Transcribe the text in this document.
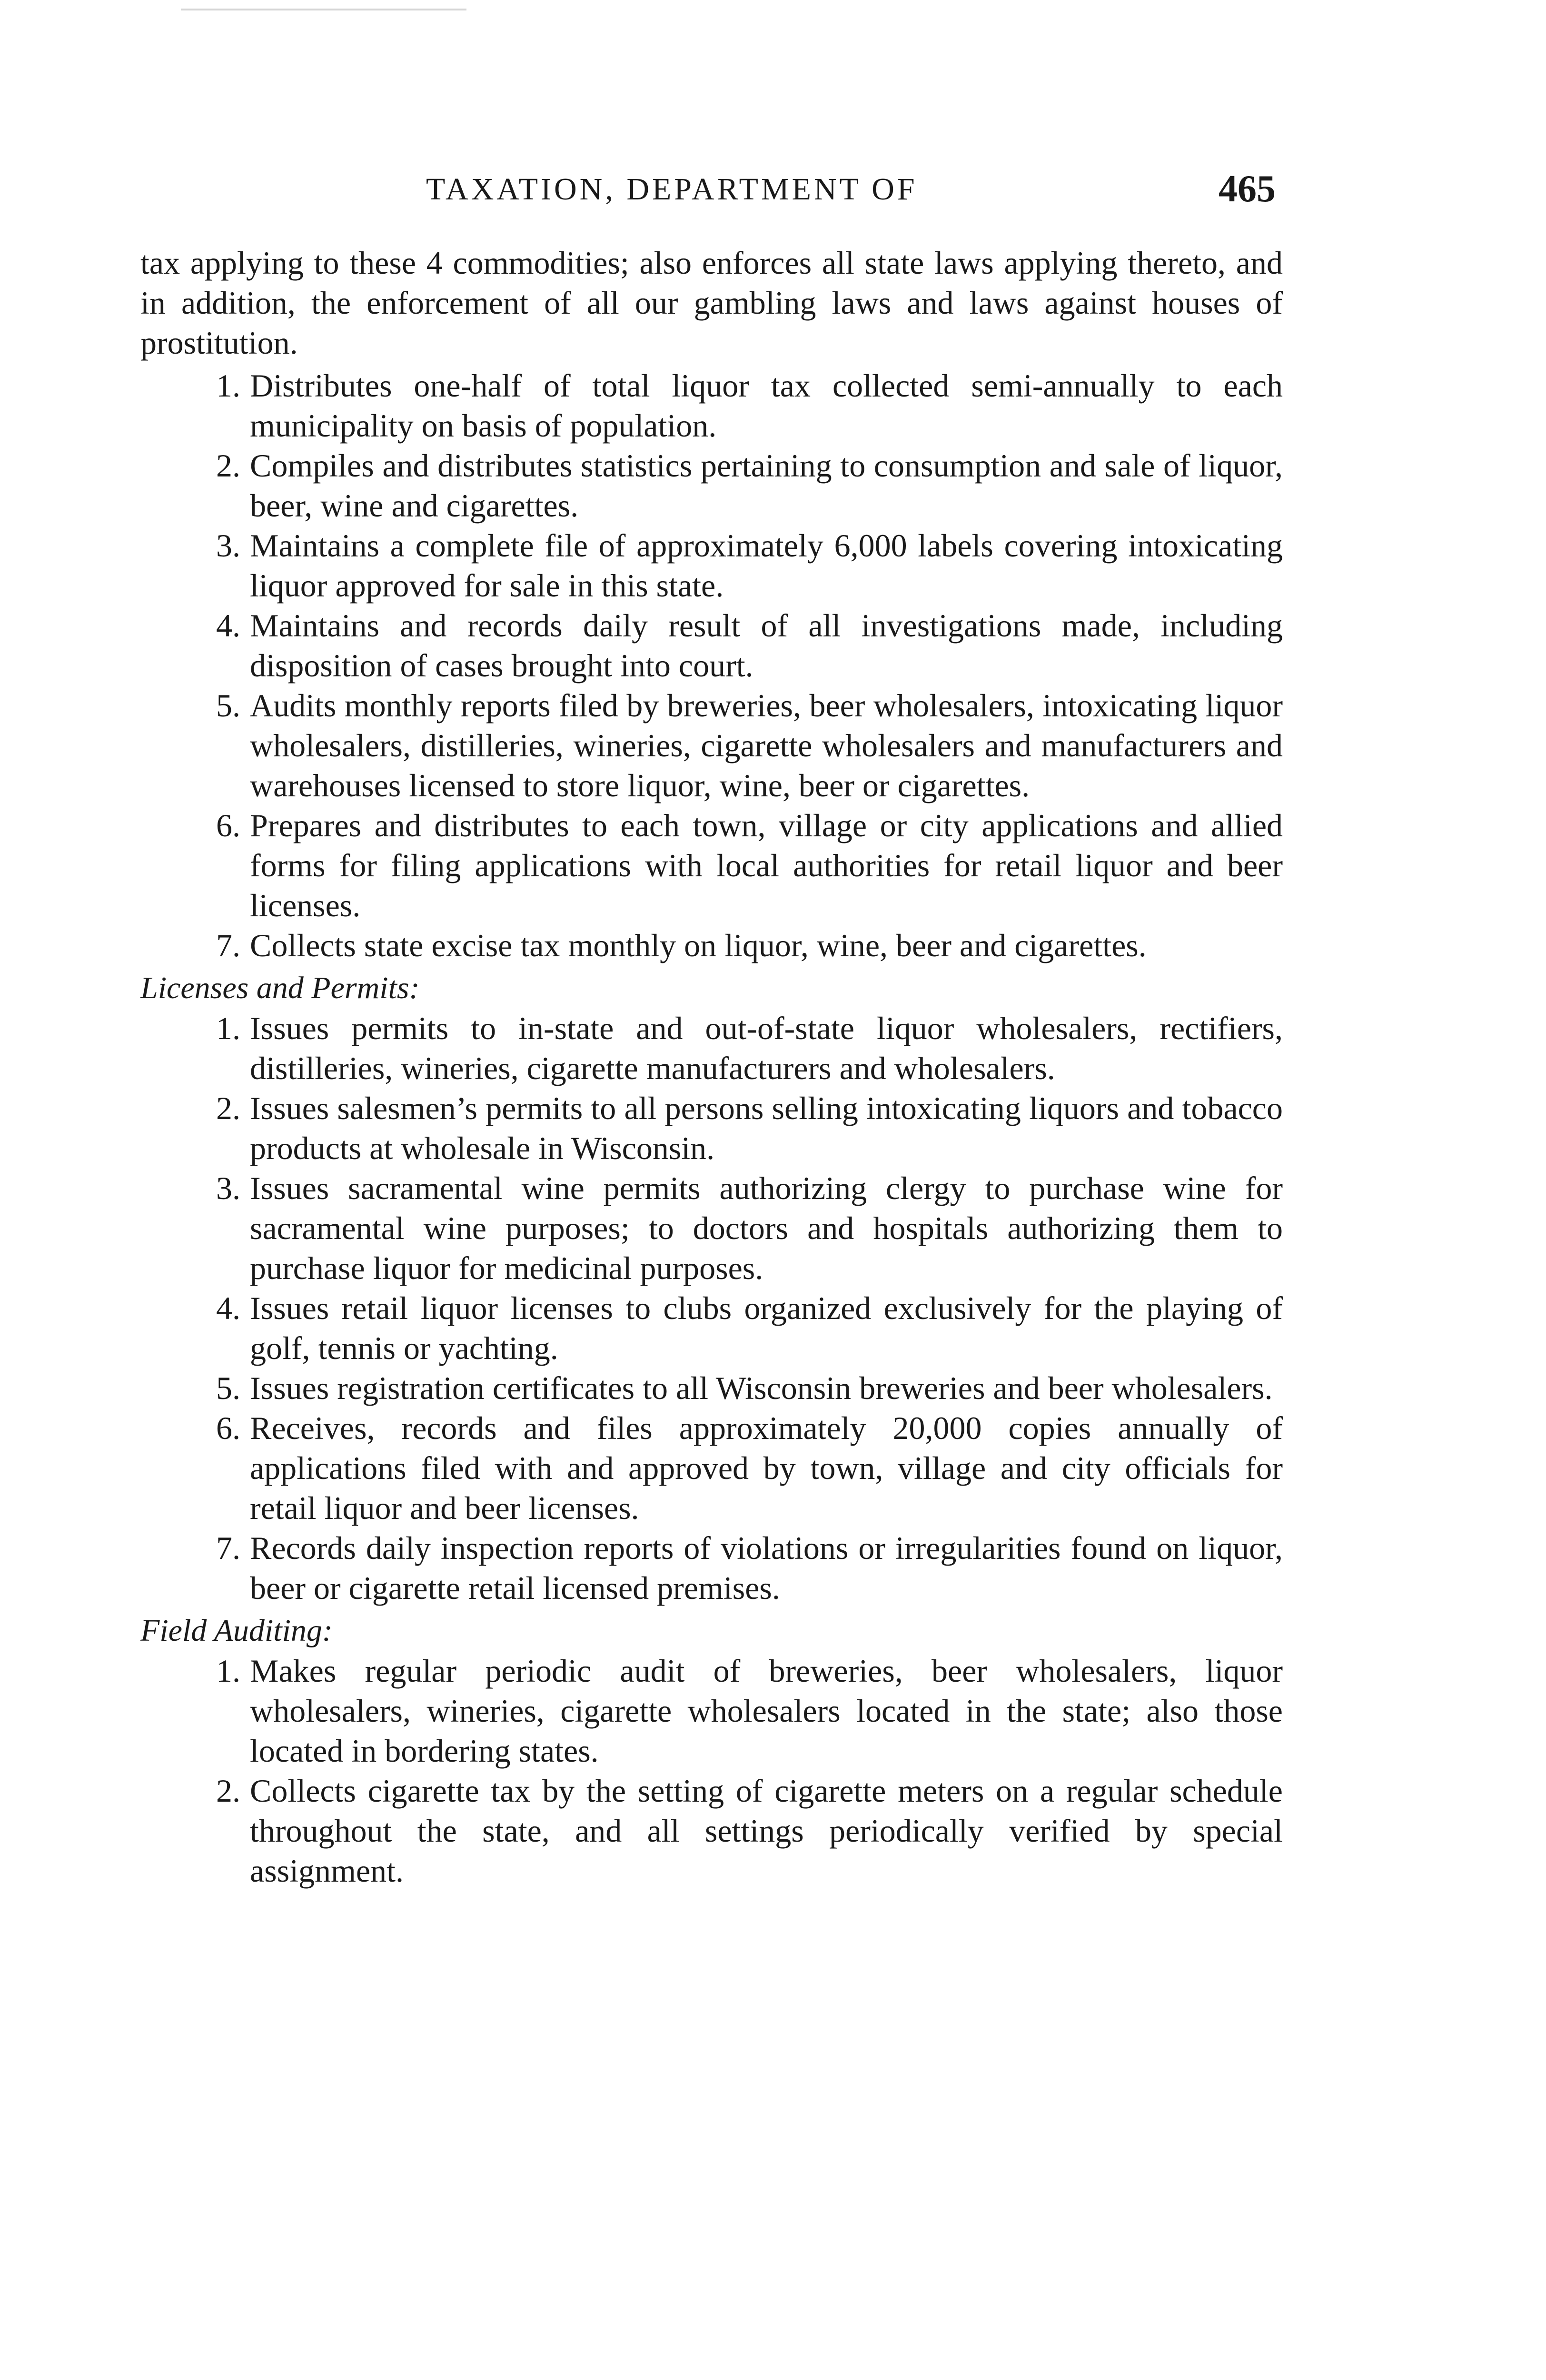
TAXATION, DEPARTMENT OF	465

tax applying to these 4 commodities; also enforces all state laws applying thereto, and in addition, the enforcement of all our gambling laws and laws against houses of prostitution.

1. Distributes one-half of total liquor tax collected semi-annually to each municipality on basis of population.
2. Compiles and distributes statistics pertaining to consumption and sale of liquor, beer, wine and cigarettes.
3. Maintains a complete file of approximately 6,000 labels covering intoxicating liquor approved for sale in this state.
4. Maintains and records daily result of all investigations made, including disposition of cases brought into court.
5. Audits monthly reports filed by breweries, beer wholesalers, intoxicating liquor wholesalers, distilleries, wineries, cigarette wholesalers and manufacturers and warehouses licensed to store liquor, wine, beer or cigarettes.
6. Prepares and distributes to each town, village or city applications and allied forms for filing applications with local authorities for retail liquor and beer licenses.
7. Collects state excise tax monthly on liquor, wine, beer and cigarettes.

Licenses and Permits:

1. Issues permits to in-state and out-of-state liquor wholesalers, rectifiers, distilleries, wineries, cigarette manufacturers and wholesalers.
2. Issues salesmen’s permits to all persons selling intoxicating liquors and tobacco products at wholesale in Wisconsin.
3. Issues sacramental wine permits authorizing clergy to purchase wine for sacramental wine purposes; to doctors and hospitals authorizing them to purchase liquor for medicinal purposes.
4. Issues retail liquor licenses to clubs organized exclusively for the playing of golf, tennis or yachting.
5. Issues registration certificates to all Wisconsin breweries and beer wholesalers.
6. Receives, records and files approximately 20,000 copies annually of applications filed with and approved by town, village and city officials for retail liquor and beer licenses.
7. Records daily inspection reports of violations or irregularities found on liquor, beer or cigarette retail licensed premises.

Field Auditing:

1. Makes regular periodic audit of breweries, beer wholesalers, liquor wholesalers, wineries, cigarette wholesalers located in the state; also those located in bordering states.
2. Collects cigarette tax by the setting of cigarette meters on a regular schedule throughout the state, and all settings periodically verified by special assignment.
